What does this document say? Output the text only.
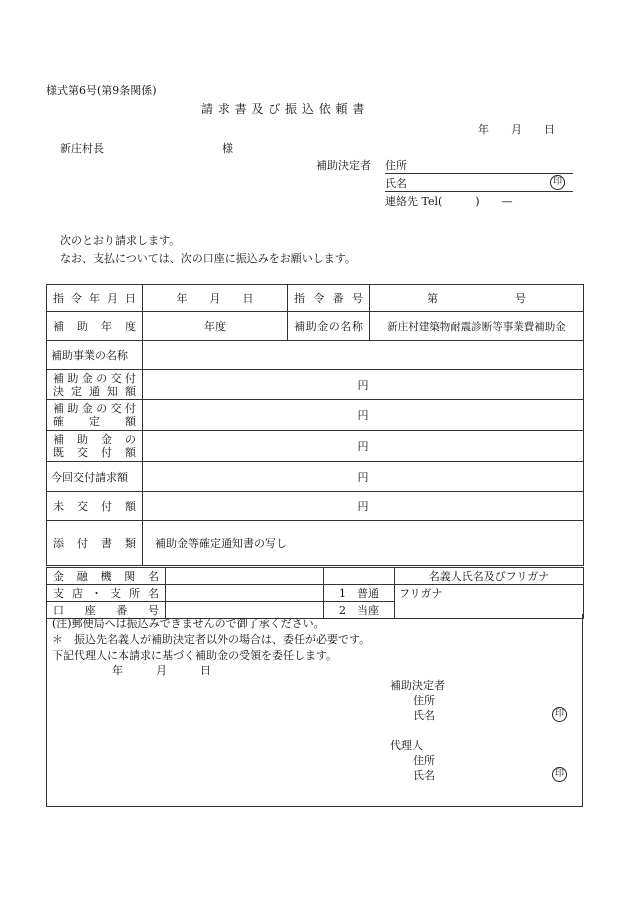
様式第6号(第9条関係)
請 求 書 及 び 振 込 依 頼 書
年　　月　　日
新庄村長	様
補助決定者 住所
氏名	印
連絡先 Tel(　　　)　　—
次のとおり請求します。
なお、支払については、次の口座に振込みをお願いします。
指令年月日	年　　月　　日	指令番号	第　　　　　　　号
補助年度	年度	補助金の名称	新庄村建築物耐震診断等事業費補助金
補助事業の名称			

補助金の交付
決定通知額	円		

補助金の交付
確定額	円		

補助金の
既交付額	円		
今回交付請求額	円		
未交付額	円		
添付書類	補助金等確定通知書の写し		
金融機関名			名義人氏名及びフリガナ
支店・支所名		1　普通	フリガナ
口座番号		2　当座	
(注)郵便局へは振込みできませんので御了承ください。
＊　振込先名義人が補助決定者以外の場合は、委任が必要です。
下記代理人に本請求に基づく補助金の受領を委任します。
年　　　月　　　日
補助決定者
住所
氏名	印
代理人
住所
氏名	印
